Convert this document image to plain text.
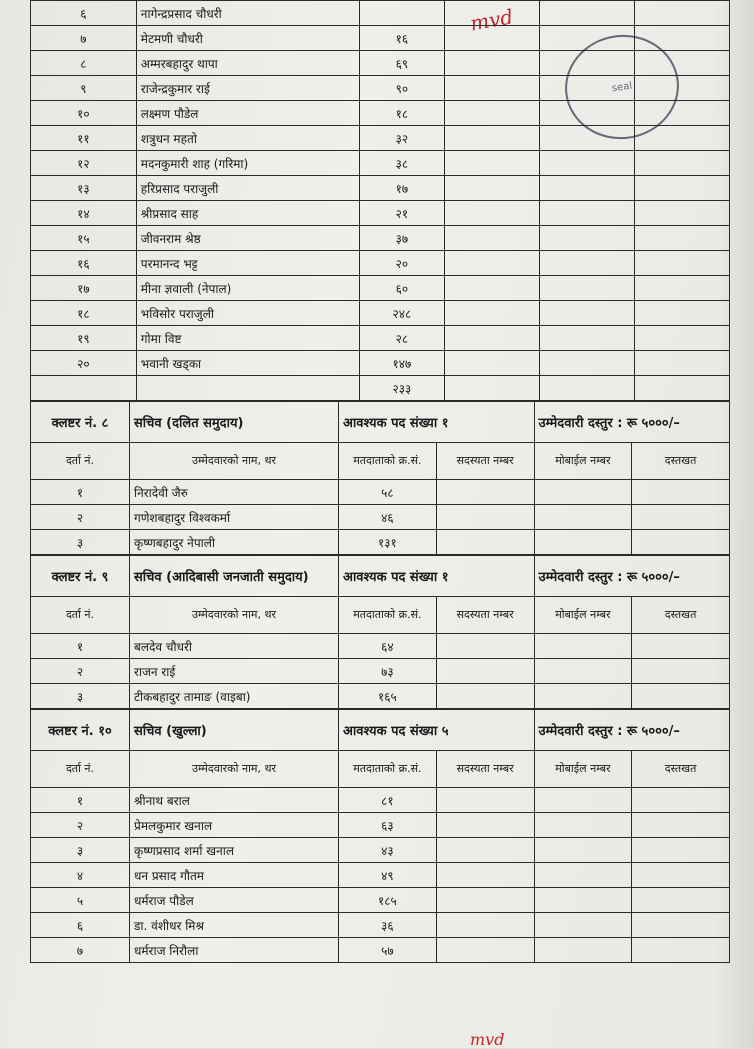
mvd
seal
६	नागेन्द्रप्रसाद चौधरी				
७	मेटमणी चौधरी	१६			
८	अम्मरबहादुर थापा	६९			
९	राजेन्द्रकुमार राई	९०			
१०	लक्ष्मण पौडेल	१८			
११	शत्रुधन महतो	३२			
१२	मदनकुमारी शाह (गरिमा)	३८			
१३	हरिप्रसाद पराजुली	१७			
१४	श्रीप्रसाद साह	२१			
१५	जीवनराम श्रेष्ठ	३७			
१६	परमानन्द भट्ट	२०			
१७	मीना ज्ञवाली (नेपाल)	६०			
१८	भविसोर पराजुली	२४८			
१९	गोमा विष्ट	२८			
२०	भवानी खड्का	१४७			
		२३३			
क्लष्टर नं. ८	सचिव (दलित समुदाय)	आवश्यक पद संख्या १		उम्मेदवारी दस्तुर : रू ५०००/–	
दर्ता नं.	उम्मेदवारको नाम, थर	मतदाताको क्र.सं.	सदस्यता नम्बर	मोबाईल नम्बर	दस्तखत
१	निरादेवी जैरु	५८			
२	गणेशबहादुर विश्वकर्मा	४६			
३	कृष्णबहादुर नेपाली	१३१			
क्लष्टर नं. ९	सचिव (आदिबासी जनजाती समुदाय)	आवश्यक पद संख्या १		उम्मेदवारी दस्तुर : रू ५०००/–	
दर्ता नं.	उम्मेदवारको नाम, थर	मतदाताको क्र.सं.	सदस्यता नम्बर	मोबाईल नम्बर	दस्तखत
१	बलदेव चौधरी	६४			
२	राजन राई	७३			
३	टीकबहादुर तामाङ (वाइबा)	१६५			
क्लष्टर नं. १०	सचिव (खुल्ला)	आवश्यक पद संख्या ५		उम्मेदवारी दस्तुर : रू ५०००/–	
दर्ता नं.	उम्मेदवारको नाम, थर	मतदाताको क्र.सं.	सदस्यता नम्बर	मोबाईल नम्बर	दस्तखत
१	श्रीनाथ बराल	८१			
२	प्रेमलकुमार खनाल	६३			
३	कृष्णप्रसाद शर्मा खनाल	४३			
४	धन प्रसाद गौतम	४९			
५	धर्मराज पौडेल	१८५			
६	डा. वंशीधर मिश्र	३६			
७	धर्मराज निरौला	५७			
mvd
